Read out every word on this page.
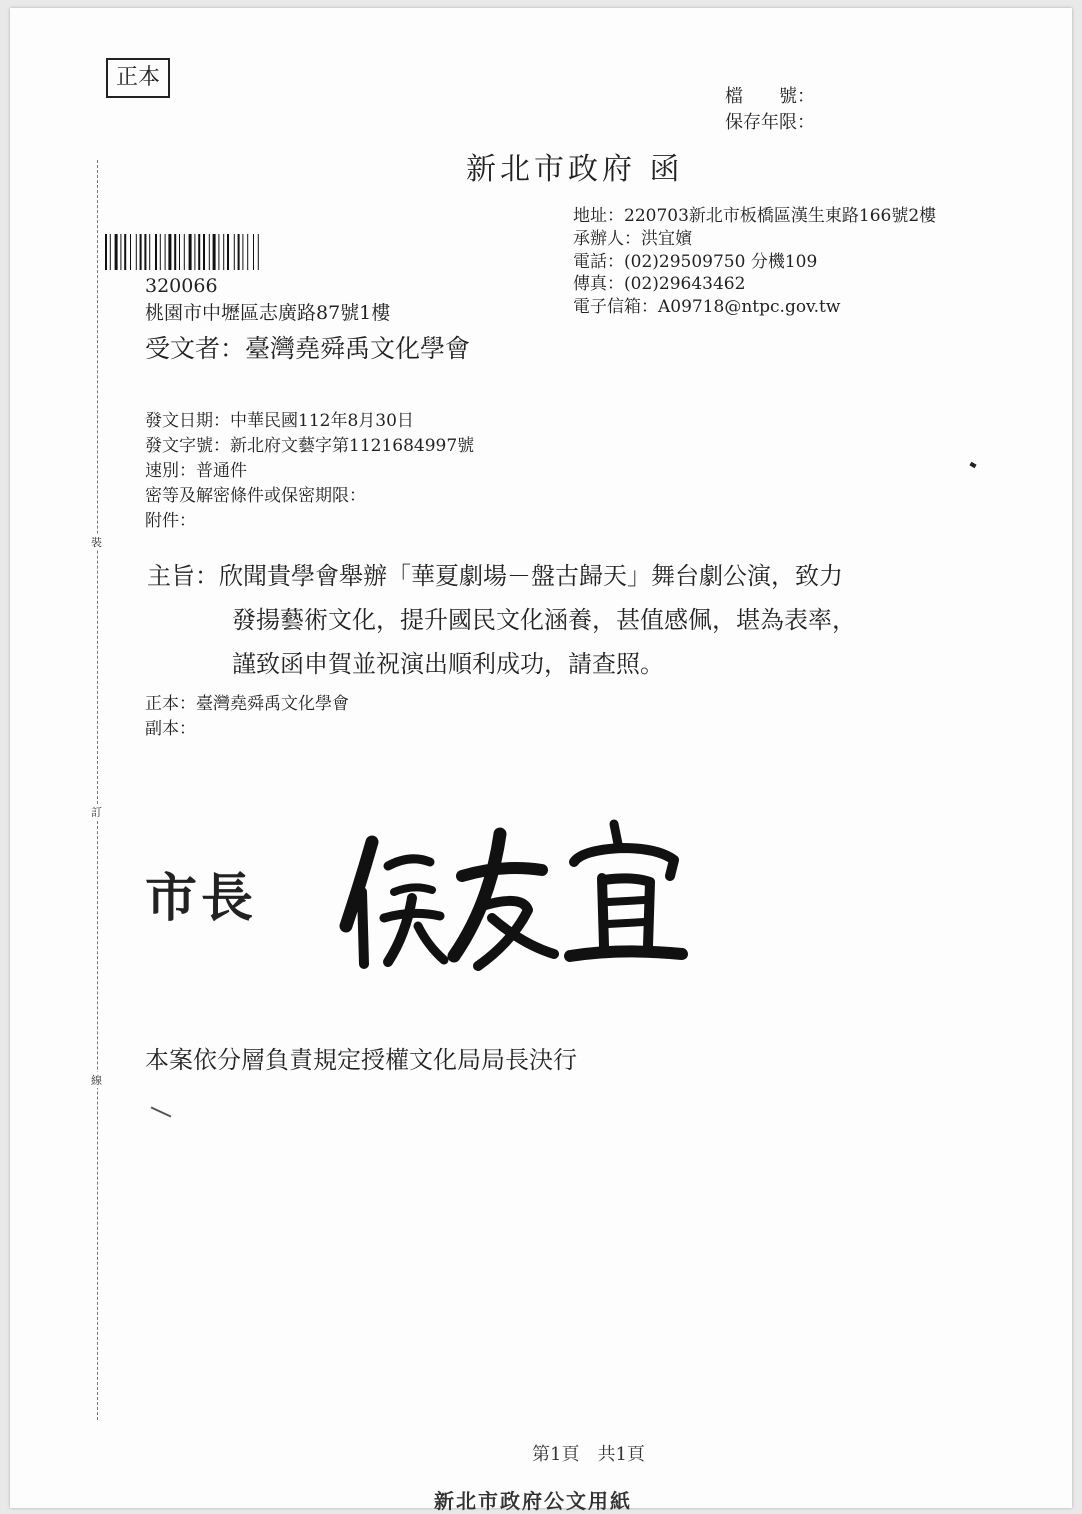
正本
檔　　號：
保存年限：
新北市政府 函
地址：220703新北市板橋區漢生東路166號2樓
承辦人：洪宜嬪
電話：(02)29509750 分機109
傳真：(02)29643462
電子信箱：A09718@ntpc.gov.tw
320066
桃園市中壢區志廣路87號1樓
受文者：臺灣堯舜禹文化學會
發文日期：中華民國112年8月30日
發文字號：新北府文藝字第1121684997號
速別：普通件
密等及解密條件或保密期限：
附件：
主旨：欣聞貴學會舉辦「華夏劇場－盤古歸天」舞台劇公演，致力
發揚藝術文化，提升國民文化涵養，甚值感佩，堪為表率，
謹致函申賀並祝演出順利成功，請查照。
正本：臺灣堯舜禹文化學會
副本：
市長
本案依分層負責規定授權文化局局長決行
裝
訂
線
第1頁　共1頁
新北市政府公文用紙
